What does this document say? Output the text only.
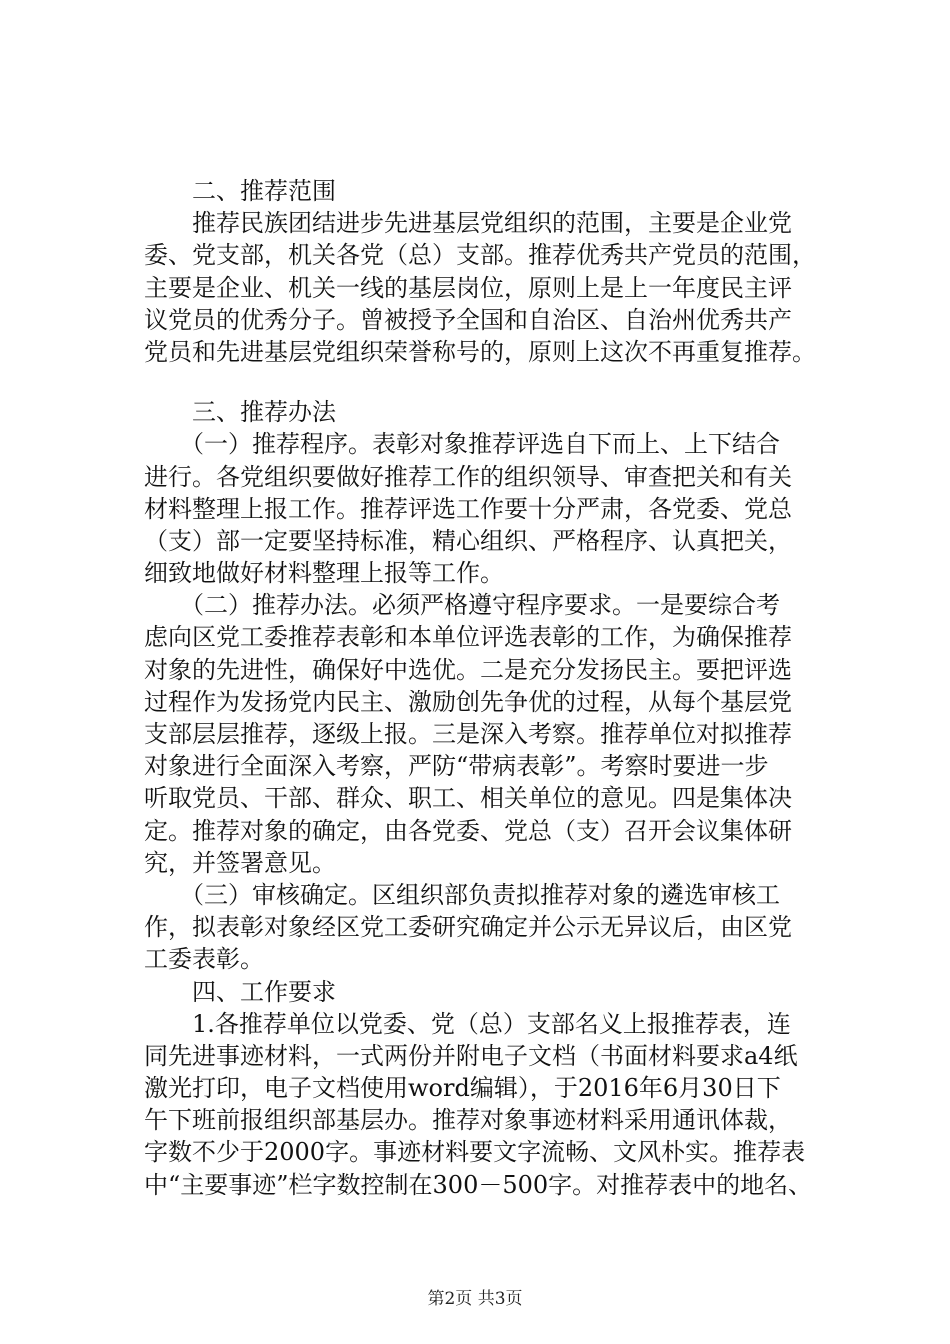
　　二、推荐范围
　　推荐民族团结进步先进基层党组织的范围，主要是企业党
委、党支部，机关各党（总）支部。推荐优秀共产党员的范围，
主要是企业、机关一线的基层岗位，原则上是上一年度民主评
议党员的优秀分子。曾被授予全国和自治区、自治州优秀共产
党员和先进基层党组织荣誉称号的，原则上这次不再重复推荐。
　　三、推荐办法
　　（一）推荐程序。表彰对象推荐评选自下而上、上下结合
进行。各党组织要做好推荐工作的组织领导、审查把关和有关
材料整理上报工作。推荐评选工作要十分严肃，各党委、党总
（支）部一定要坚持标准，精心组织、严格程序、认真把关，
细致地做好材料整理上报等工作。
　　（二）推荐办法。必须严格遵守程序要求。一是要综合考
虑向区党工委推荐表彰和本单位评选表彰的工作，为确保推荐
对象的先进性，确保好中选优。二是充分发扬民主。要把评选
过程作为发扬党内民主、激励创先争优的过程，从每个基层党
支部层层推荐，逐级上报。三是深入考察。推荐单位对拟推荐
对象进行全面深入考察，严防“带病表彰”。考察时要进一步
听取党员、干部、群众、职工、相关单位的意见。四是集体决
定。推荐对象的确定，由各党委、党总（支）召开会议集体研
究，并签署意见。
　　（三）审核确定。区组织部负责拟推荐对象的遴选审核工
作，拟表彰对象经区党工委研究确定并公示无异议后，由区党
工委表彰。
　　四、工作要求
　　1.各推荐单位以党委、党（总）支部名义上报推荐表，连
同先进事迹材料，一式两份并附电子文档（书面材料要求a4纸
激光打印，电子文档使用word编辑），于2016年6月30日下
午下班前报组织部基层办。推荐对象事迹材料采用通讯体裁，
字数不少于2000字。事迹材料要文字流畅、文风朴实。推荐表
中“主要事迹”栏字数控制在300－500字。对推荐表中的地名、
第2页 共3页
